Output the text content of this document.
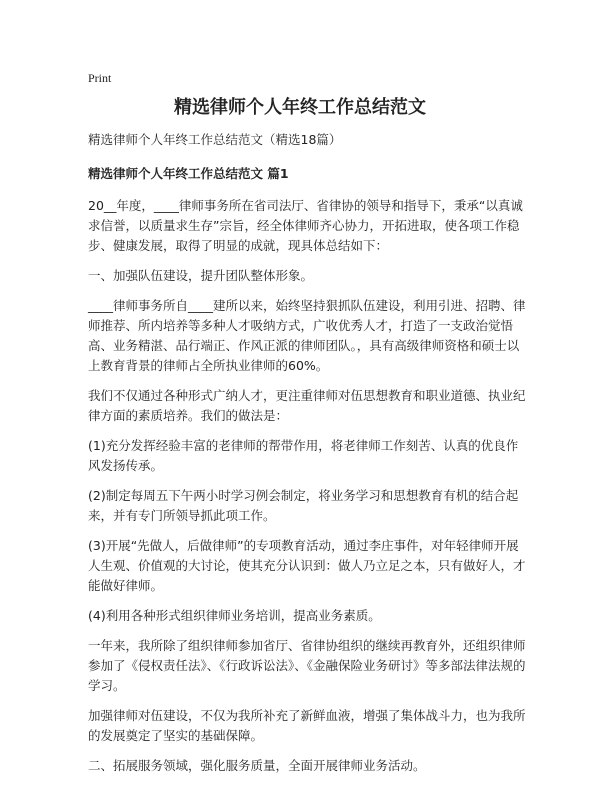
Print
精选律师个人年终工作总结范文

精选律师个人年终工作总结范文（精选18篇）

精选律师个人年终工作总结范文 篇1

20__年度，____律师事务所在省司法厅、省律协的领导和指导下，秉承“以真诚求信誉，以质量求生存”宗旨，经全体律师齐心协力，开拓进取，使各项工作稳步、健康发展，取得了明显的成就，现具体总结如下：

一、加强队伍建设，提升团队整体形象。

____律师事务所自____建所以来，始终坚持狠抓队伍建设，利用引进、招聘、律师推荐、所内培养等多种人才吸纳方式，广收优秀人才，打造了一支政治觉悟高、业务精湛、品行端正、作风正派的律师团队。，具有高级律师资格和硕士以上教育背景的律师占全所执业律师的60%。

我们不仅通过各种形式广纳人才，更注重律师对伍思想教育和职业道德、执业纪律方面的素质培养。我们的做法是：

(1)充分发挥经验丰富的老律师的帮带作用，将老律师工作刻苦、认真的优良作风发扬传承。

(2)制定每周五下午两小时学习例会制定，将业务学习和思想教育有机的结合起来，并有专门所领导抓此项工作。

(3)开展“先做人，后做律师”的专项教育活动，通过李庄事件，对年轻律师开展人生观、价值观的大讨论，使其充分认识到：做人乃立足之本，只有做好人，才能做好律师。

(4)利用各种形式组织律师业务培训，提高业务素质。

一年来，我所除了组织律师参加省厅、省律协组织的继续再教育外，还组织律师参加了《侵权责任法》、《行政诉讼法》、《金融保险业务研讨》等多部法律法规的学习。

加强律师对伍建设，不仅为我所补充了新鲜血液，增强了集体战斗力，也为我所的发展奠定了坚实的基础保障。

二、拓展服务领域，强化服务质量，全面开展律师业务活动。
